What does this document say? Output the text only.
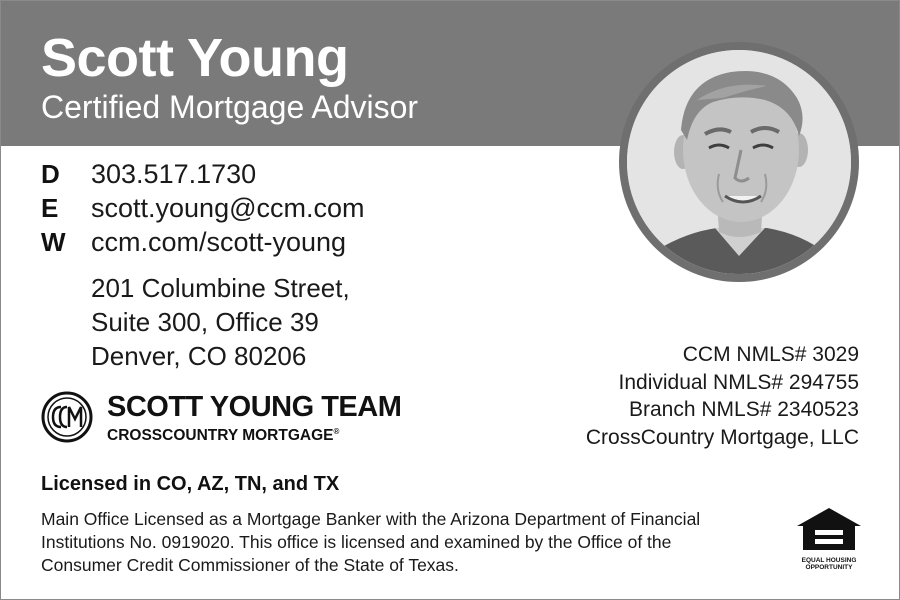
Scott Young
Certified Mortgage Advisor
D	303.517.1730
E	scott.young@ccm.com
W ccm.com/scott-young
201 Columbine Street,
Suite 300, Office 39
Denver, CO 80206
SCOTT YOUNG TEAM
CROSSCOUNTRY MORTGAGE®
CCM NMLS# 3029
Individual NMLS# 294755
Branch NMLS# 2340523
CrossCountry Mortgage, LLC
Licensed in CO, AZ, TN, and TX
Main Office Licensed as a Mortgage Banker with the Arizona Department of Financial
Institutions No. 0919020. This office is licensed and examined by the Office of the
Consumer Credit Commissioner of the State of Texas.	EQUAL HOUSING
OPPORTUNITY
